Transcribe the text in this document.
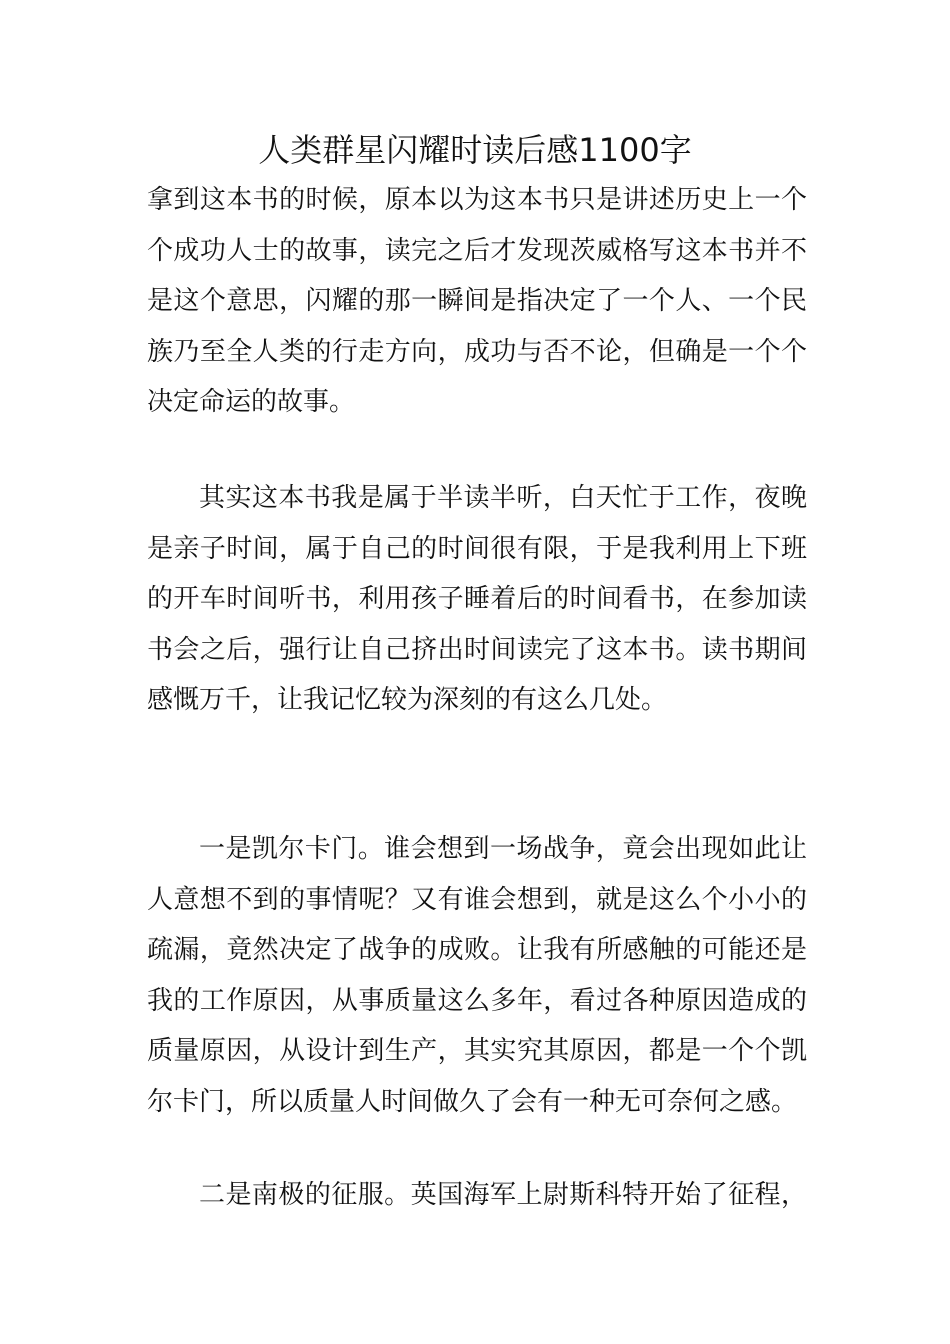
人类群星闪耀时读后感1100字
拿到这本书的时候，原本以为这本书只是讲述历史上一个
个成功人士的故事，读完之后才发现茨威格写这本书并不
是这个意思，闪耀的那一瞬间是指决定了一个人、一个民
族乃至全人类的行走方向，成功与否不论，但确是一个个
决定命运的故事。
其实这本书我是属于半读半听，白天忙于工作，夜晚
是亲子时间，属于自己的时间很有限，于是我利用上下班
的开车时间听书，利用孩子睡着后的时间看书，在参加读
书会之后，强行让自己挤出时间读完了这本书。读书期间
感慨万千，让我记忆较为深刻的有这么几处。
一是凯尔卡门。谁会想到一场战争，竟会出现如此让
人意想不到的事情呢？又有谁会想到，就是这么个小小的
疏漏，竟然决定了战争的成败。让我有所感触的可能还是
我的工作原因，从事质量这么多年，看过各种原因造成的
质量原因，从设计到生产，其实究其原因，都是一个个凯
尔卡门，所以质量人时间做久了会有一种无可奈何之感。
二是南极的征服。英国海军上尉斯科特开始了征程，
